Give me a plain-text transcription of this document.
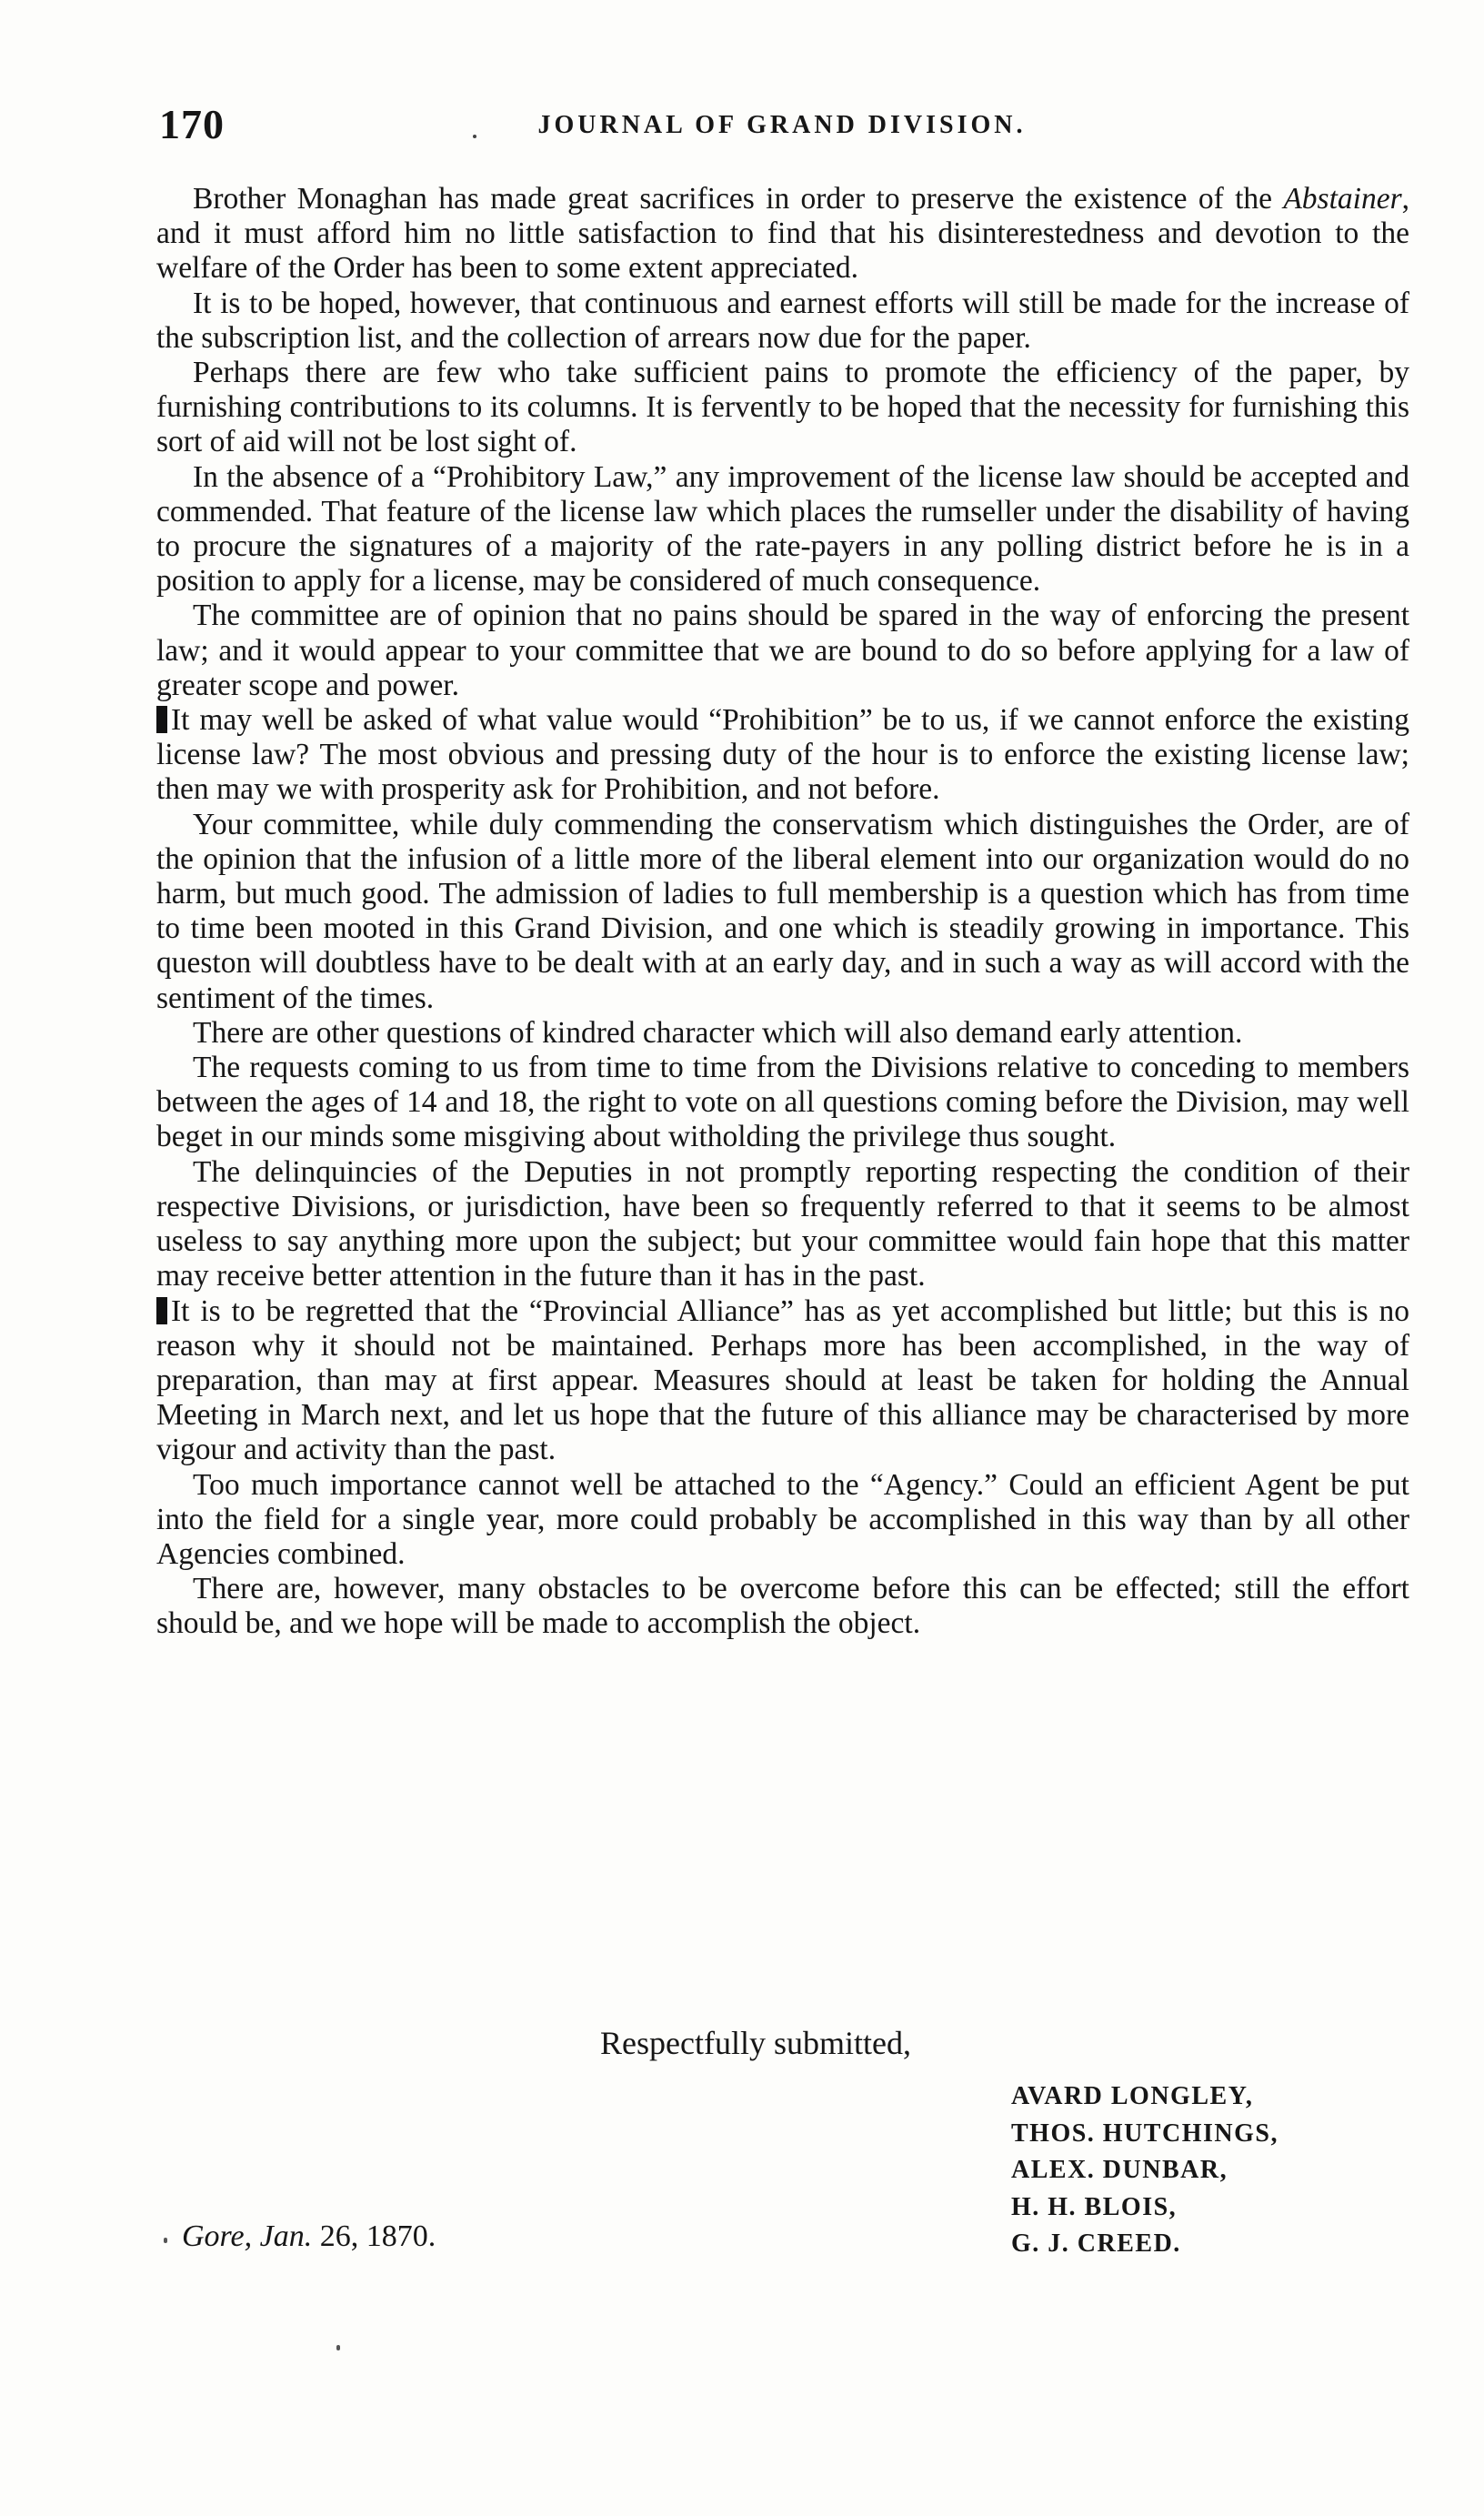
170	JOURNAL OF GRAND DIVISION.

Brother Monaghan has made great sacrifices in order to preserve the existence of the Abstainer, and it must afford him no little satisfaction to find that his disinterestedness and devotion to the welfare of the Order has been to some extent appreciated.

It is to be hoped, however, that continuous and earnest efforts will still be made for the increase of the subscription list, and the collection of arrears now due for the paper.

Perhaps there are few who take sufficient pains to promote the efficiency of the paper, by furnishing contributions to its columns. It is fervently to be hoped that the necessity for furnishing this sort of aid will not be lost sight of.

In the absence of a “Prohibitory Law,” any improvement of the license law should be accepted and commended. That feature of the license law which places the rumseller under the disability of having to procure the signatures of a majority of the rate-payers in any polling district before he is in a position to apply for a license, may be considered of much consequence.

The committee are of opinion that no pains should be spared in the way of enforcing the present law; and it would appear to your committee that we are bound to do so before applying for a law of greater scope and power.

It may well be asked of what value would “Prohibition” be to us, if we cannot enforce the existing license law? The most obvious and pressing duty of the hour is to enforce the existing license law; then may we with prosperity ask for Prohibition, and not before.

Your committee, while duly commending the conservatism which distinguishes the Order, are of the opinion that the infusion of a little more of the liberal element into our organization would do no harm, but much good. The admission of ladies to full membership is a question which has from time to time been mooted in this Grand Division, and one which is steadily growing in importance. This queston will doubtless have to be dealt with at an early day, and in such a way as will accord with the sentiment of the times.

There are other questions of kindred character which will also demand early attention.

The requests coming to us from time to time from the Divisions relative to conceding to members between the ages of 14 and 18, the right to vote on all questions coming before the Division, may well beget in our minds some misgiving about witholding the privilege thus sought.

The delinquincies of the Deputies in not promptly reporting respecting the condition of their respective Divisions, or jurisdiction, have been so frequently referred to that it seems to be almost useless to say anything more upon the subject; but your committee would fain hope that this matter may receive better attention in the future than it has in the past.

It is to be regretted that the “Provincial Alliance” has as yet accomplished but little; but this is no reason why it should not be maintained. Perhaps more has been accomplished, in the way of preparation, than may at first appear. Measures should at least be taken for holding the Annual Meeting in March next, and let us hope that the future of this alliance may be characterised by more vigour and activity than the past.

Too much importance cannot well be attached to the “Agency.” Could an efficient Agent be put into the field for a single year, more could probably be accomplished in this way than by all other Agencies combined.

There are, however, many obstacles to be overcome before this can be effected; still the effort should be, and we hope will be made to accomplish the object.

Respectfully submitted,
AVARD LONGLEY,
THOS. HUTCHINGS,
ALEX. DUNBAR,
H. H. BLOIS,
G. J. CREED.
Gore, Jan. 26, 1870.
